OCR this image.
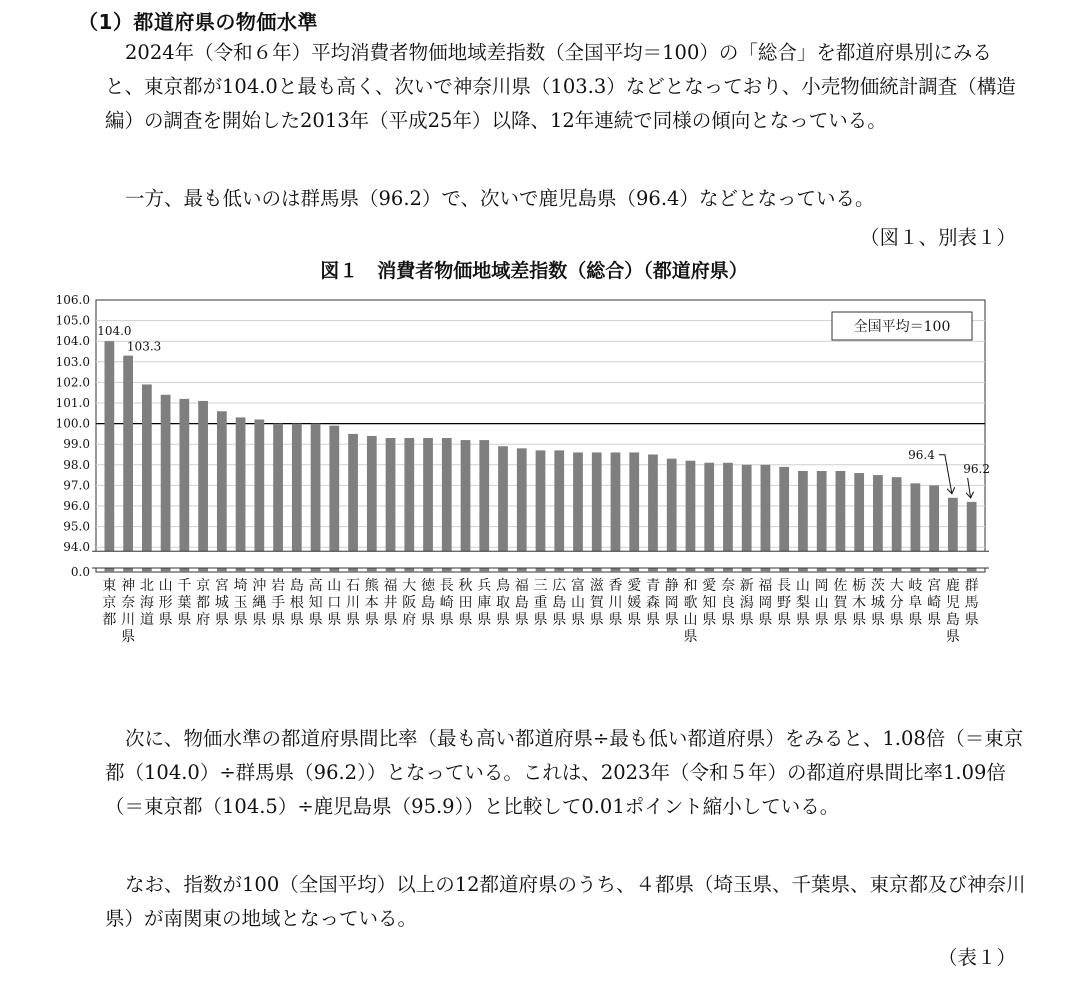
（1）都道府県の物価水準

2024年（令和６年）平均消費者物価地域差指数（全国平均＝100）の「総合」を都道府県別にみると、東京都が104.0と最も高く、次いで神奈川県（103.3）などとなっており、小売物価統計調査（構造編）の調査を開始した2013年（平成25年）以降、12年連続で同様の傾向となっている。

一方、最も低いのは群馬県（96.2）で、次いで鹿児島県（96.4）などとなっている。

（図１、別表１）
図１　消費者物価地域差指数（総合）（都道府県）
106.0
105.0
104.0
103.0
102.0
101.0
100.0
99.0
98.0
97.0
96.0
95.0
94.0
0.0
東京都
神奈川県
北海道
山形県
千葉県
京都府
宮城県
埼玉県
沖縄県
岩手県
島根県
高知県
山口県
石川県
熊本県
福井県
大阪府
徳島県
長崎県
秋田県
兵庫県
鳥取県
福島県
三重県
広島県
富山県
滋賀県
香川県
愛媛県
青森県
静岡県
和歌山県
愛知県
奈良県
新潟県
福岡県
長野県
山梨県
岡山県
佐賀県
栃木県
茨城県
大分県
岐阜県
宮崎県
鹿児島県
群馬県
104.0
103.3
96.4
96.2
全国平均＝100

次に、物価水準の都道府県間比率（最も高い都道府県÷最も低い都道府県）をみると、1.08倍（＝東京都（104.0）÷群馬県（96.2））となっている。これは、2023年（令和５年）の都道府県間比率1.09倍（＝東京都（104.5）÷鹿児島県（95.9））と比較して0.01ポイント縮小している。

なお、指数が100（全国平均）以上の12都道府県のうち、４都県（埼玉県、千葉県、東京都及び神奈川県）が南関東の地域となっている。

（表１）
